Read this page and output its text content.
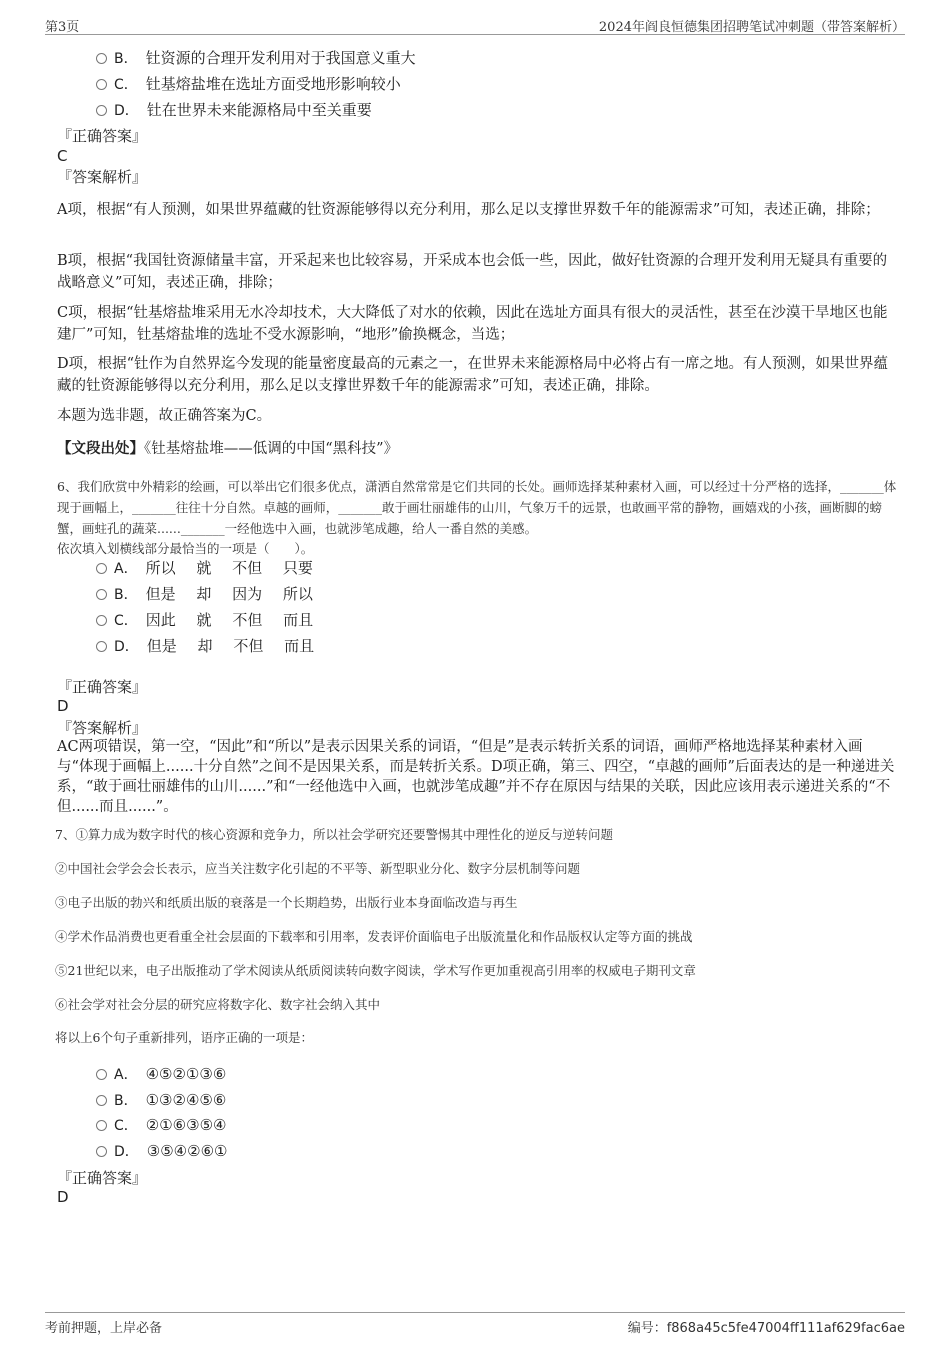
第3页	2024年阎良恒德集团招聘笔试冲刺题（带答案解析）
B． 钍资源的合理开发利用对于我国意义重大
C． 钍基熔盐堆在选址方面受地形影响较小
D． 钍在世界未来能源格局中至关重要
『正确答案』
C
『答案解析』
A项，根据“有人预测，如果世界蕴藏的钍资源能够得以充分利用，那么足以支撑世界数千年的能源需求”可知，表述正确，排除；
B项，根据“我国钍资源储量丰富，开采起来也比较容易，开采成本也会低一些，因此，做好钍资源的合理开发利用无疑具有重要的战略意义”可知，表述正确，排除；
C项，根据“钍基熔盐堆采用无水冷却技术，大大降低了对水的依赖，因此在选址方面具有很大的灵活性，甚至在沙漠干旱地区也能建厂”可知，钍基熔盐堆的选址不受水源影响，“地形”偷换概念，当选；
D项，根据“钍作为自然界迄今发现的能量密度最高的元素之一，在世界未来能源格局中必将占有一席之地。有人预测，如果世界蕴藏的钍资源能够得以充分利用，那么足以支撑世界数千年的能源需求”可知，表述正确，排除。
本题为选非题，故正确答案为C。
【文段出处】《钍基熔盐堆——低调的中国“黑科技”》
6、我们欣赏中外精彩的绘画，可以举出它们很多优点，潇洒自然常常是它们共同的长处。画师选择某种素材入画，可以经过十分严格的选择，_______体现于画幅上，_______往往十分自然。卓越的画师，_______敢于画壮丽雄伟的山川，气象万千的远景，也敢画平常的静物，画嬉戏的小孩，画断脚的螃蟹，画蛀孔的蔬菜......_______一经他选中入画，也就涉笔成趣，给人一番自然的美感。
依次填入划横线部分最恰当的一项是（　　）。
A． 所以 就 不但 只要
B． 但是 却 因为 所以
C． 因此 就 不但 而且
D． 但是 却 不但 而且
『正确答案』
D
『答案解析』
AC两项错误，第一空，“因此”和“所以”是表示因果关系的词语，“但是”是表示转折关系的词语，画师严格地选择某种素材入画与“体现于画幅上......十分自然”之间不是因果关系，而是转折关系。D项正确，第三、四空，“卓越的画师”后面表达的是一种递进关系，“敢于画壮丽雄伟的山川......”和“一经他选中入画，也就涉笔成趣”并不存在原因与结果的关联，因此应该用表示递进关系的“不但......而且......”。
7、①算力成为数字时代的核心资源和竞争力，所以社会学研究还要警惕其中理性化的逆反与逆转问题
②中国社会学会会长表示，应当关注数字化引起的不平等、新型职业分化、数字分层机制等问题
③电子出版的勃兴和纸质出版的衰落是一个长期趋势，出版行业本身面临改造与再生
④学术作品消费也更看重全社会层面的下载率和引用率，发表评价面临电子出版流量化和作品版权认定等方面的挑战
⑤21世纪以来，电子出版推动了学术阅读从纸质阅读转向数字阅读，学术写作更加重视高引用率的权威电子期刊文章
⑥社会学对社会分层的研究应将数字化、数字社会纳入其中
将以上6个句子重新排列，语序正确的一项是：
A． ④⑤②①③⑥
B． ①③②④⑤⑥
C． ②①⑥③⑤④
D． ③⑤④②⑥①
『正确答案』
D
考前押题，上岸必备	编号：f868a45c5fe47004ff111af629fac6ae
